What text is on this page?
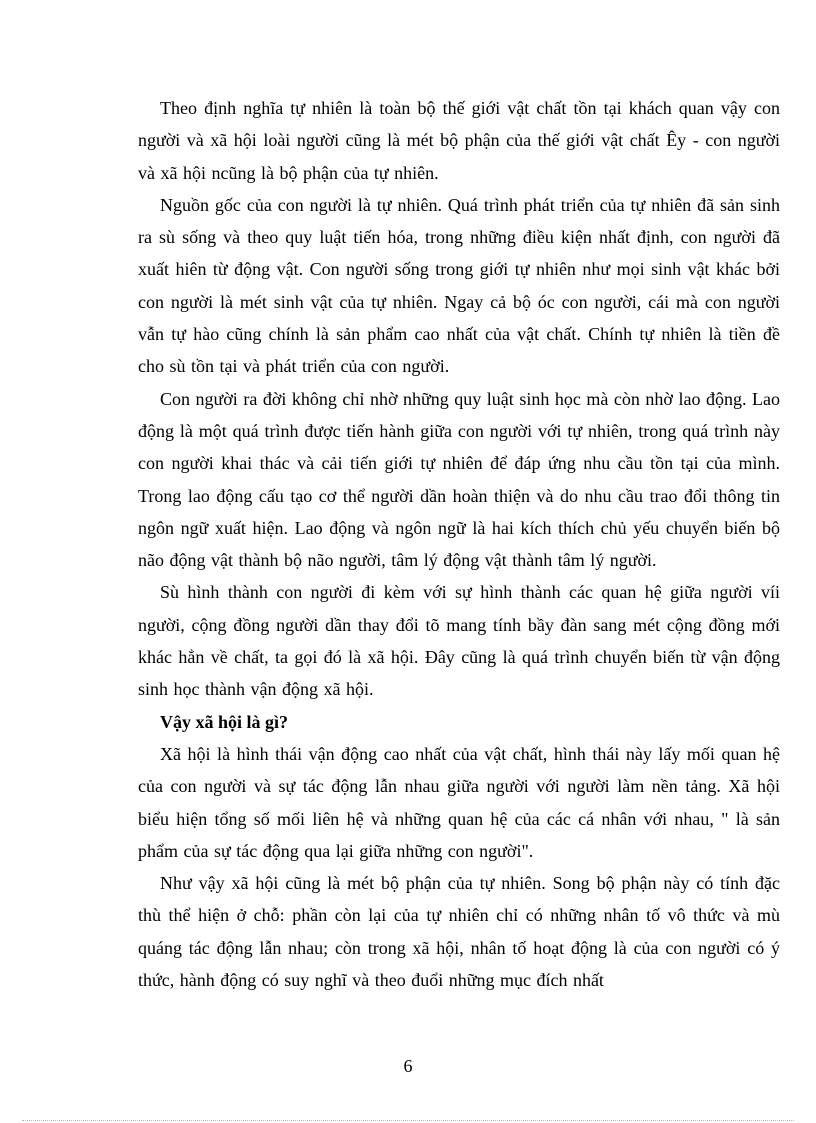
Theo định nghĩa tự nhiên là toàn bộ thế giới vật chất tồn tại khách quan vậy con người và xã hội loài người cũng là mét bộ phận của thế giới vật chất Êy - con người và xã hội ncũng là bộ phận của tự nhiên.

Nguồn gốc của con người là tự nhiên. Quá trình phát triển của tự nhiên đã sản sinh ra sù sống và theo quy luật tiến hóa, trong những điều kiện nhất định, con người đã xuất hiên từ động vật. Con người sống trong giới tự nhiên như mọi sinh vật khác bởi con người là mét sinh vật của tự nhiên. Ngay cả bộ óc con người, cái mà con người vẫn tự hào cũng chính là sản phẩm cao nhất của vật chất. Chính tự nhiên là tiền đề cho sù tồn tại và phát triển của con người.

Con người ra đời không chỉ nhờ những quy luật sinh học mà còn nhờ lao động. Lao động là một quá trình được tiến hành giữa con người với tự nhiên, trong quá trình này con người khai thác và cải tiến giới tự nhiên để đáp ứng nhu cầu tồn tại của mình. Trong lao động cấu tạo cơ thể người dần hoàn thiện và do nhu cầu trao đổi thông tin ngôn ngữ xuất hiện. Lao động và ngôn ngữ là hai kích thích chủ yếu chuyển biến bộ não động vật thành bộ não người, tâm lý động vật thành tâm lý người.

Sù hình thành con người đi kèm với sự hình thành các quan hệ giữa người víi người, cộng đồng người dần thay đổi tõ mang tính bầy đàn sang mét cộng đồng mới khác hẳn về chất, ta gọi đó là xã hội. Đây cũng là quá trình chuyển biến từ vận động sinh học thành vận động xã hội.

Vậy xã hội là gì?

Xã hội là hình thái vận động cao nhất của vật chất, hình thái này lấy mối quan hệ của con người và sự tác động lẫn nhau giữa người với người làm nền tảng. Xã hội biểu hiện tổng số mối liên hệ và những quan hệ của các cá nhân với nhau, " là sản phẩm của sự tác động qua lại giữa những con người".

Như vậy xã hội cũng là mét bộ phận của tự nhiên. Song bộ phận này có tính đặc thù thể hiện ở chỗ: phần còn lại của tự nhiên chỉ có những nhân tố vô thức và mù quáng tác động lẫn nhau; còn trong xã hội, nhân tố hoạt động là của con người có ý thức, hành động có suy nghĩ và theo đuổi những mục đích nhất

6
